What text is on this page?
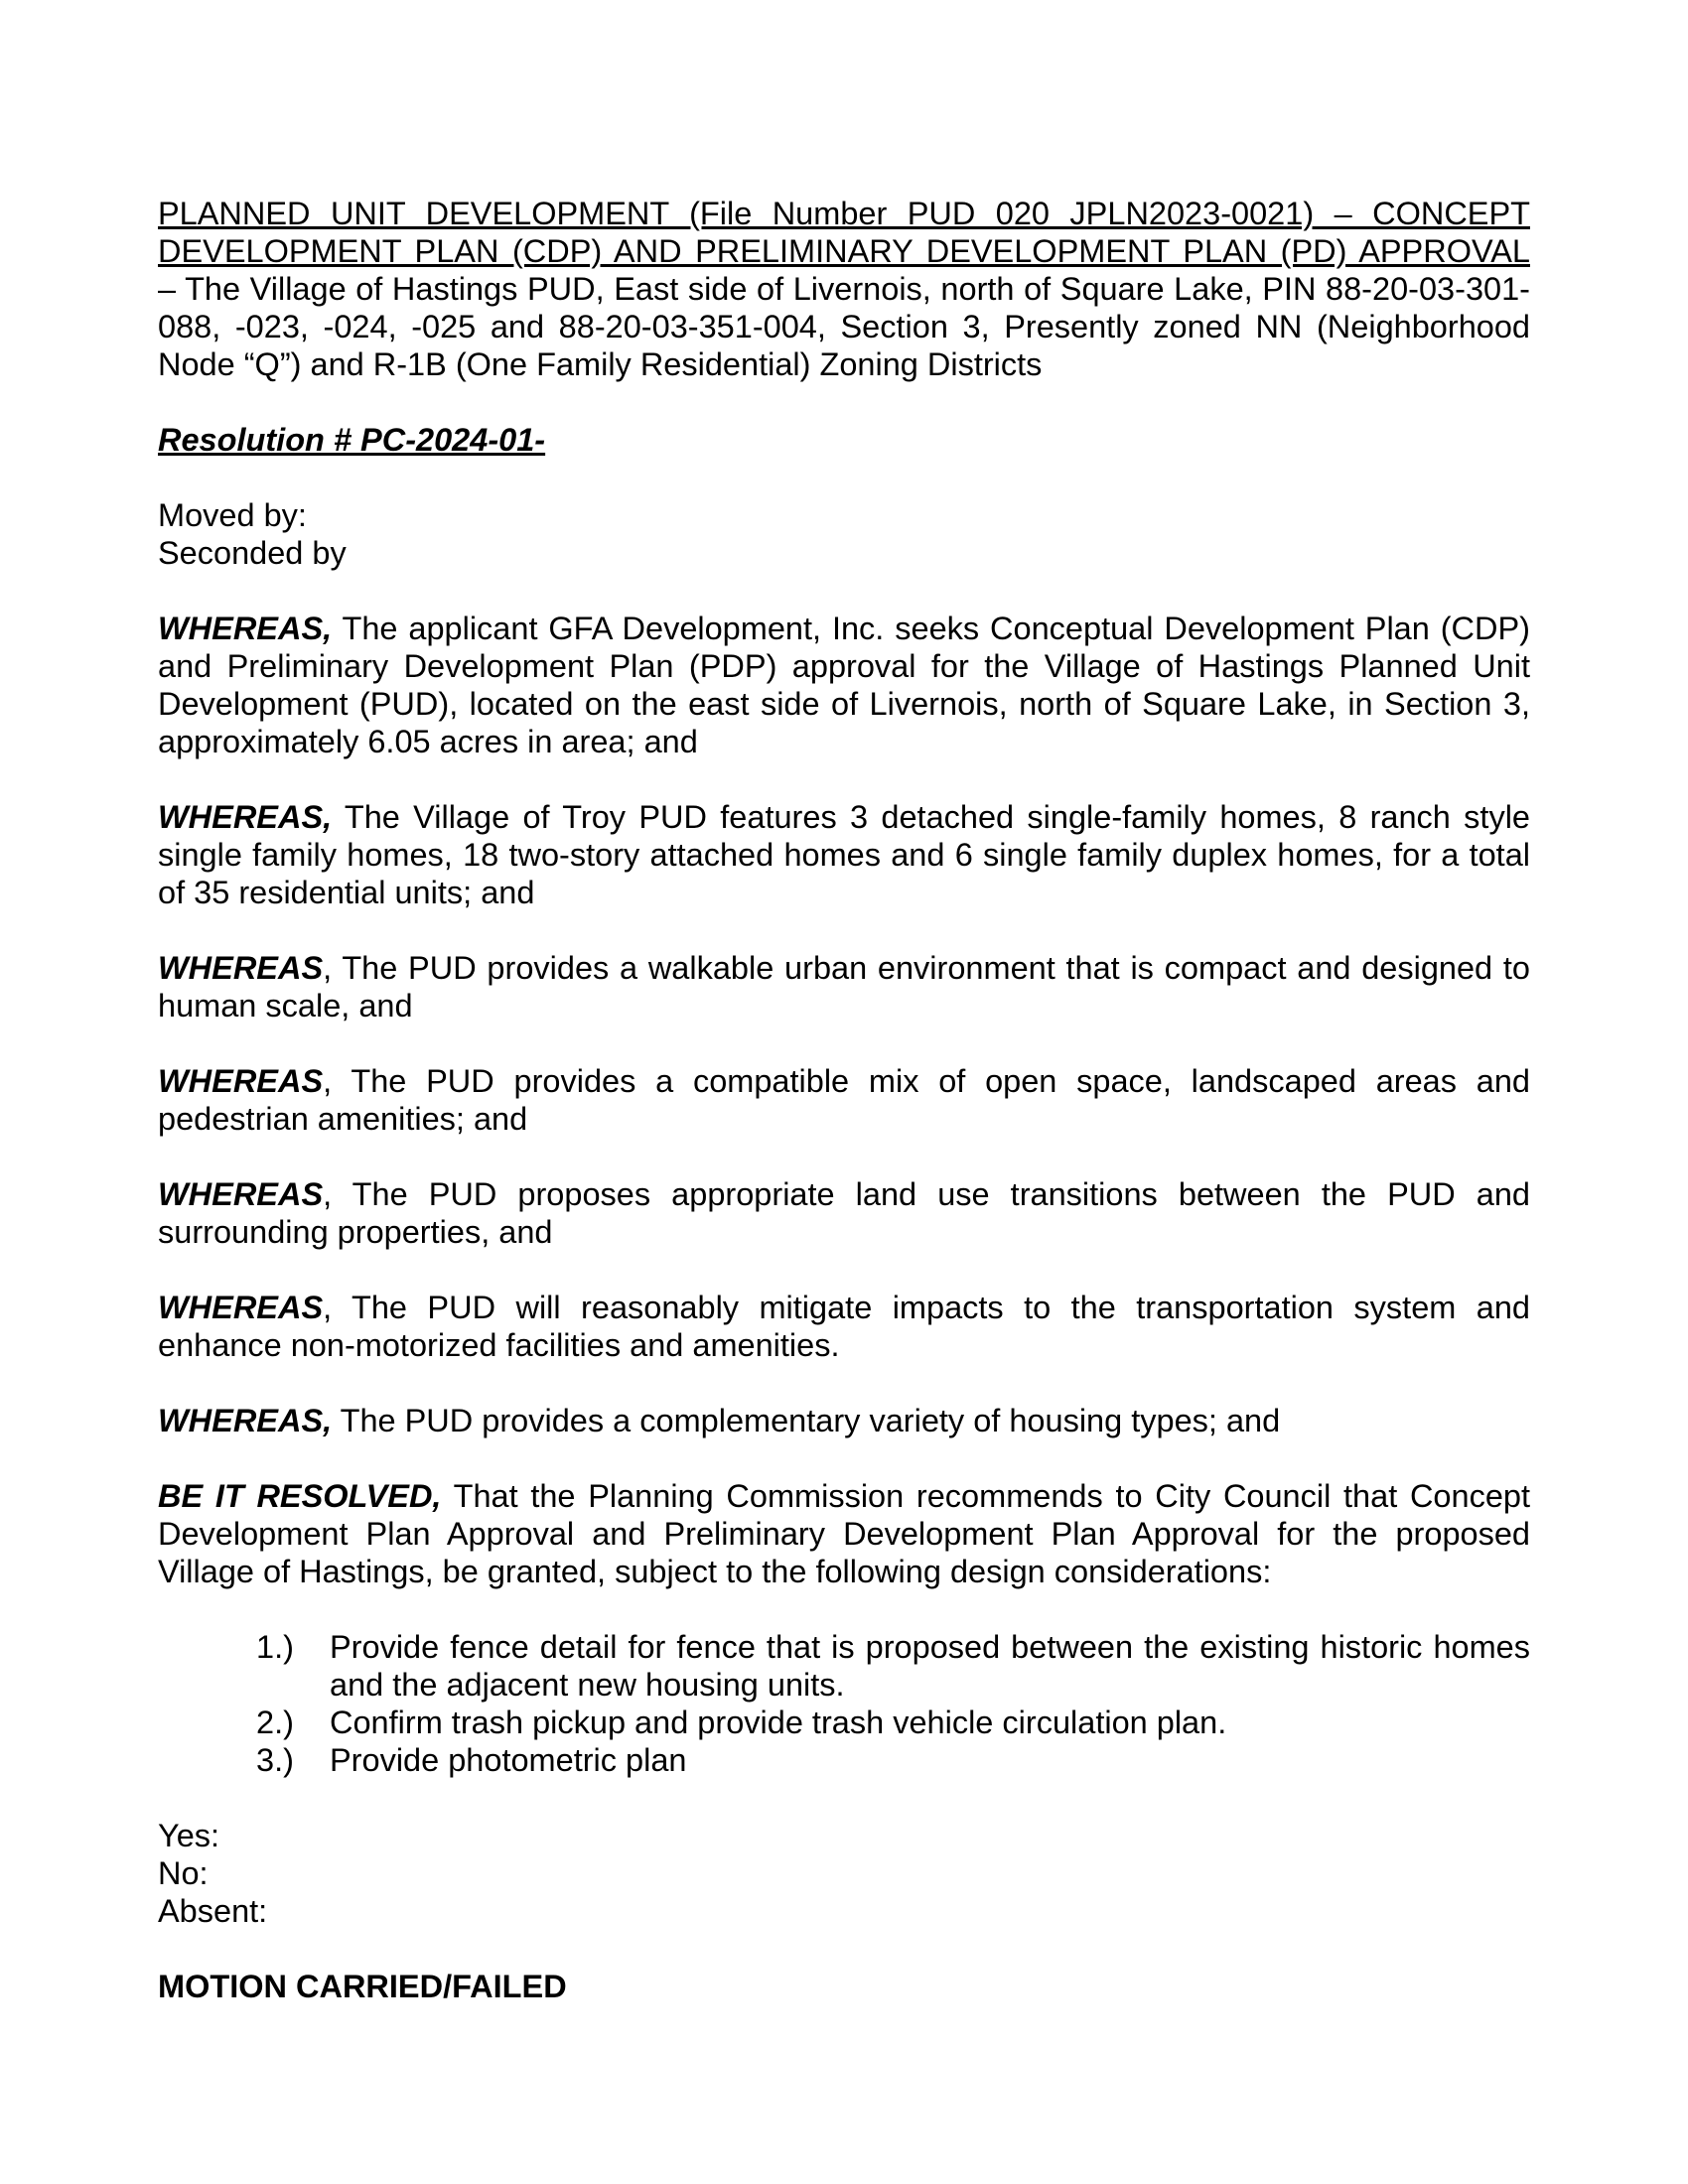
PLANNED UNIT DEVELOPMENT (File Number PUD 020 JPLN2023-0021) – CONCEPT
DEVELOPMENT PLAN (CDP) AND PRELIMINARY DEVELOPMENT PLAN (PD) APPROVAL

– The Village of Hastings PUD, East side of Livernois, north of Square Lake, PIN 88-20-03-301-088, -023, -024, -025 and 88-20-03-351-004, Section 3, Presently zoned NN (Neighborhood Node “Q”) and R-1B (One Family Residential) Zoning Districts

Resolution # PC-2024-01-

Moved by:

Seconded by

WHEREAS, The applicant GFA Development, Inc. seeks Conceptual Development Plan (CDP) and Preliminary Development Plan (PDP) approval for the Village of Hastings Planned Unit Development (PUD), located on the east side of Livernois, north of Square Lake, in Section 3, approximately 6.05 acres in area; and

WHEREAS, The Village of Troy PUD features 3 detached single-family homes, 8 ranch style single family homes, 18 two-story attached homes and 6 single family duplex homes, for a total of 35 residential units; and

WHEREAS, The PUD provides a walkable urban environment that is compact and designed to human scale, and

WHEREAS, The PUD provides a compatible mix of open space, landscaped areas and pedestrian amenities; and

WHEREAS, The PUD proposes appropriate land use transitions between the PUD and surrounding properties, and

WHEREAS, The PUD will reasonably mitigate impacts to the transportation system and enhance non-motorized facilities and amenities.

WHEREAS, The PUD provides a complementary variety of housing types; and

BE IT RESOLVED, That the Planning Commission recommends to City Council that Concept Development Plan Approval and Preliminary Development Plan Approval for the proposed Village of Hastings, be granted, subject to the following design considerations:

1.) Provide fence detail for fence that is proposed between the existing historic homes and the adjacent new housing units.
2.) Confirm trash pickup and provide trash vehicle circulation plan.
3.) Provide photometric plan

Yes:

No:

Absent:

MOTION CARRIED/FAILED
